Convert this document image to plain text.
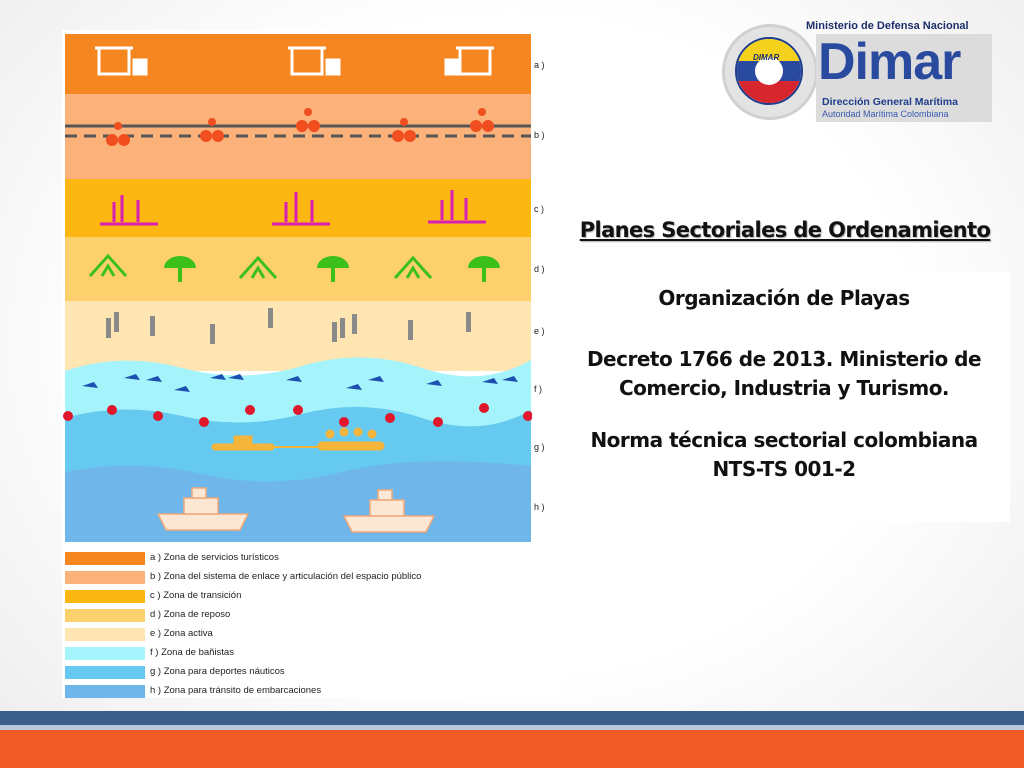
a )
b )
c )
d )
e )
f )
g )
h )
a ) Zona de servicios turísticos
b ) Zona del sistema de enlace y articulación del espacio público
c ) Zona de transición
d ) Zona de reposo
e ) Zona activa
f ) Zona de bañistas
g ) Zona para deportes náuticos
h ) Zona para tránsito de embarcaciones
DIMAR
Ministerio de Defensa Nacional
Dimar
Dirección General Marítima
Autoridad Marítima Colombiana
Planes Sectoriales de Ordenamiento
Organización de Playas
Decreto 1766 de 2013. Ministerio de
Comercio, Industria y Turismo.
Norma técnica sectorial colombiana
NTS-TS 001-2
